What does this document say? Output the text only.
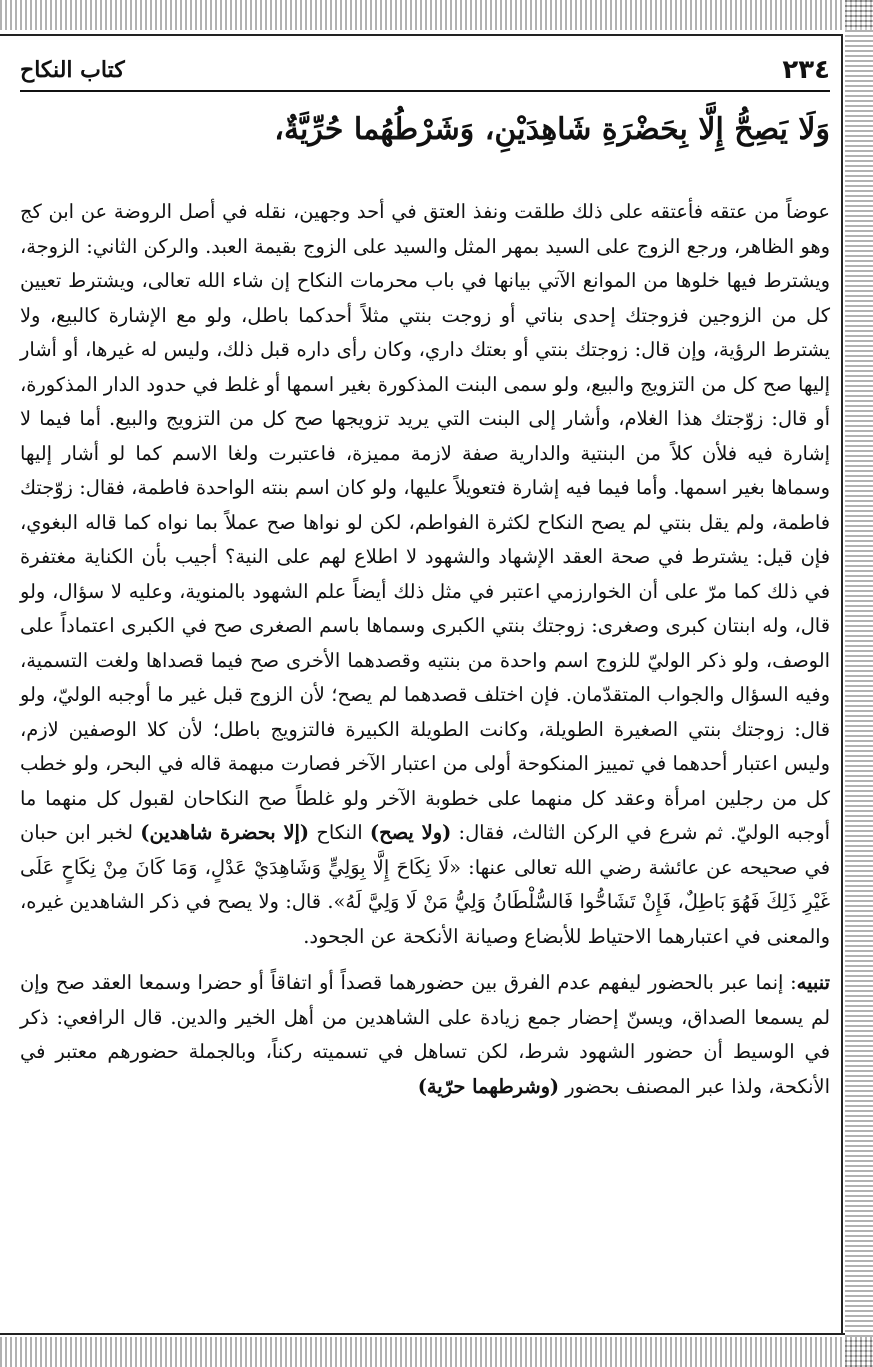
٢٣٤
كتاب النكاح
وَلَا يَصِحُّ إِلَّا بِحَضْرَةِ شَاهِدَيْنِ، وَشَرْطُهُما حُرِّيَّةٌ،

عوضاً من عتقه فأعتقه على ذلك طلقت ونفذ العتق في أحد وجهين، نقله في أصل الروضة عن ابن كج وهو الظاهر، ورجع الزوج على السيد بمهر المثل والسيد على الزوج بقيمة العبد. والركن الثاني: الزوجة، ويشترط فيها خلوها من الموانع الآتي بيانها في باب محرمات النكاح إن شاء الله تعالى، ويشترط تعيين كل من الزوجين فزوجتك إحدى بناتي أو زوجت بنتي مثلاً أحدكما باطل، ولو مع الإشارة كالبيع، ولا يشترط الرؤية، وإن قال: زوجتك بنتي أو بعتك داري، وكان رأى داره قبل ذلك، وليس له غيرها، أو أشار إليها صح كل من التزويج والبيع، ولو سمى البنت المذكورة بغير اسمها أو غلط في حدود الدار المذكورة، أو قال: زوّجتك هذا الغلام، وأشار إلى البنت التي يريد تزويجها صح كل من التزويج والبيع. أما فيما لا إشارة فيه فلأن كلاً من البنتية والدارية صفة لازمة مميزة، فاعتبرت ولغا الاسم كما لو أشار إليها وسماها بغير اسمها. وأما فيما فيه إشارة فتعويلاً عليها، ولو كان اسم بنته الواحدة فاطمة، فقال: زوّجتك فاطمة، ولم يقل بنتي لم يصح النكاح لكثرة الفواطم، لكن لو نواها صح عملاً بما نواه كما قاله البغوي، فإن قيل: يشترط في صحة العقد الإشهاد والشهود لا اطلاع لهم على النية؟ أجيب بأن الكناية مغتفرة في ذلك كما مرّ على أن الخوارزمي اعتبر في مثل ذلك أيضاً علم الشهود بالمنوية، وعليه لا سؤال، ولو قال، وله ابنتان كبرى وصغرى: زوجتك بنتي الكبرى وسماها باسم الصغرى صح في الكبرى اعتماداً على الوصف، ولو ذكر الوليّ للزوج اسم واحدة من بنتيه وقصدهما الأخرى صح فيما قصداها ولغت التسمية، وفيه السؤال والجواب المتقدّمان. فإن اختلف قصدهما لم يصح؛ لأن الزوج قبل غير ما أوجبه الوليّ، ولو قال: زوجتك بنتي الصغيرة الطويلة، وكانت الطويلة الكبيرة فالتزويج باطل؛ لأن كلا الوصفين لازم، وليس اعتبار أحدهما في تمييز المنكوحة أولى من اعتبار الآخر فصارت مبهمة قاله في البحر، ولو خطب كل من رجلين امرأة وعقد كل منهما على خطوبة الآخر ولو غلطاً صح النكاحان لقبول كل منهما ما أوجبه الوليّ. ثم شرع في الركن الثالث، فقال: (ولا يصح) النكاح (إلا بحضرة شاهدين) لخبر ابن حبان في صحيحه عن عائشة رضي الله تعالى عنها: «لَا نِكَاحَ إِلَّا بِوَلِيٍّ وَشَاهِدَيْ عَدْلٍ، وَمَا كَانَ مِنْ نِكَاحٍ عَلَى غَيْرِ ذَلِكَ فَهُوَ بَاطِلٌ، فَإِنْ تَشَاحُّوا فَالسُّلْطَانُ وَلِيُّ مَنْ لَا وَلِيَّ لَهُ». قال: ولا يصح في ذكر الشاهدين غيره، والمعنى في اعتبارهما الاحتياط للأبضاع وصيانة الأنكحة عن الجحود.

تنبيه: إنما عبر بالحضور ليفهم عدم الفرق بين حضورهما قصداً أو اتفاقاً أو حضرا وسمعا العقد صح وإن لم يسمعا الصداق، ويسنّ إحضار جمع زيادة على الشاهدين من أهل الخير والدين. قال الرافعي: ذكر في الوسيط أن حضور الشهود شرط، لكن تساهل في تسميته ركناً، وبالجملة حضورهم معتبر في الأنكحة، ولذا عبر المصنف بحضور (وشرطهما حرّية)
